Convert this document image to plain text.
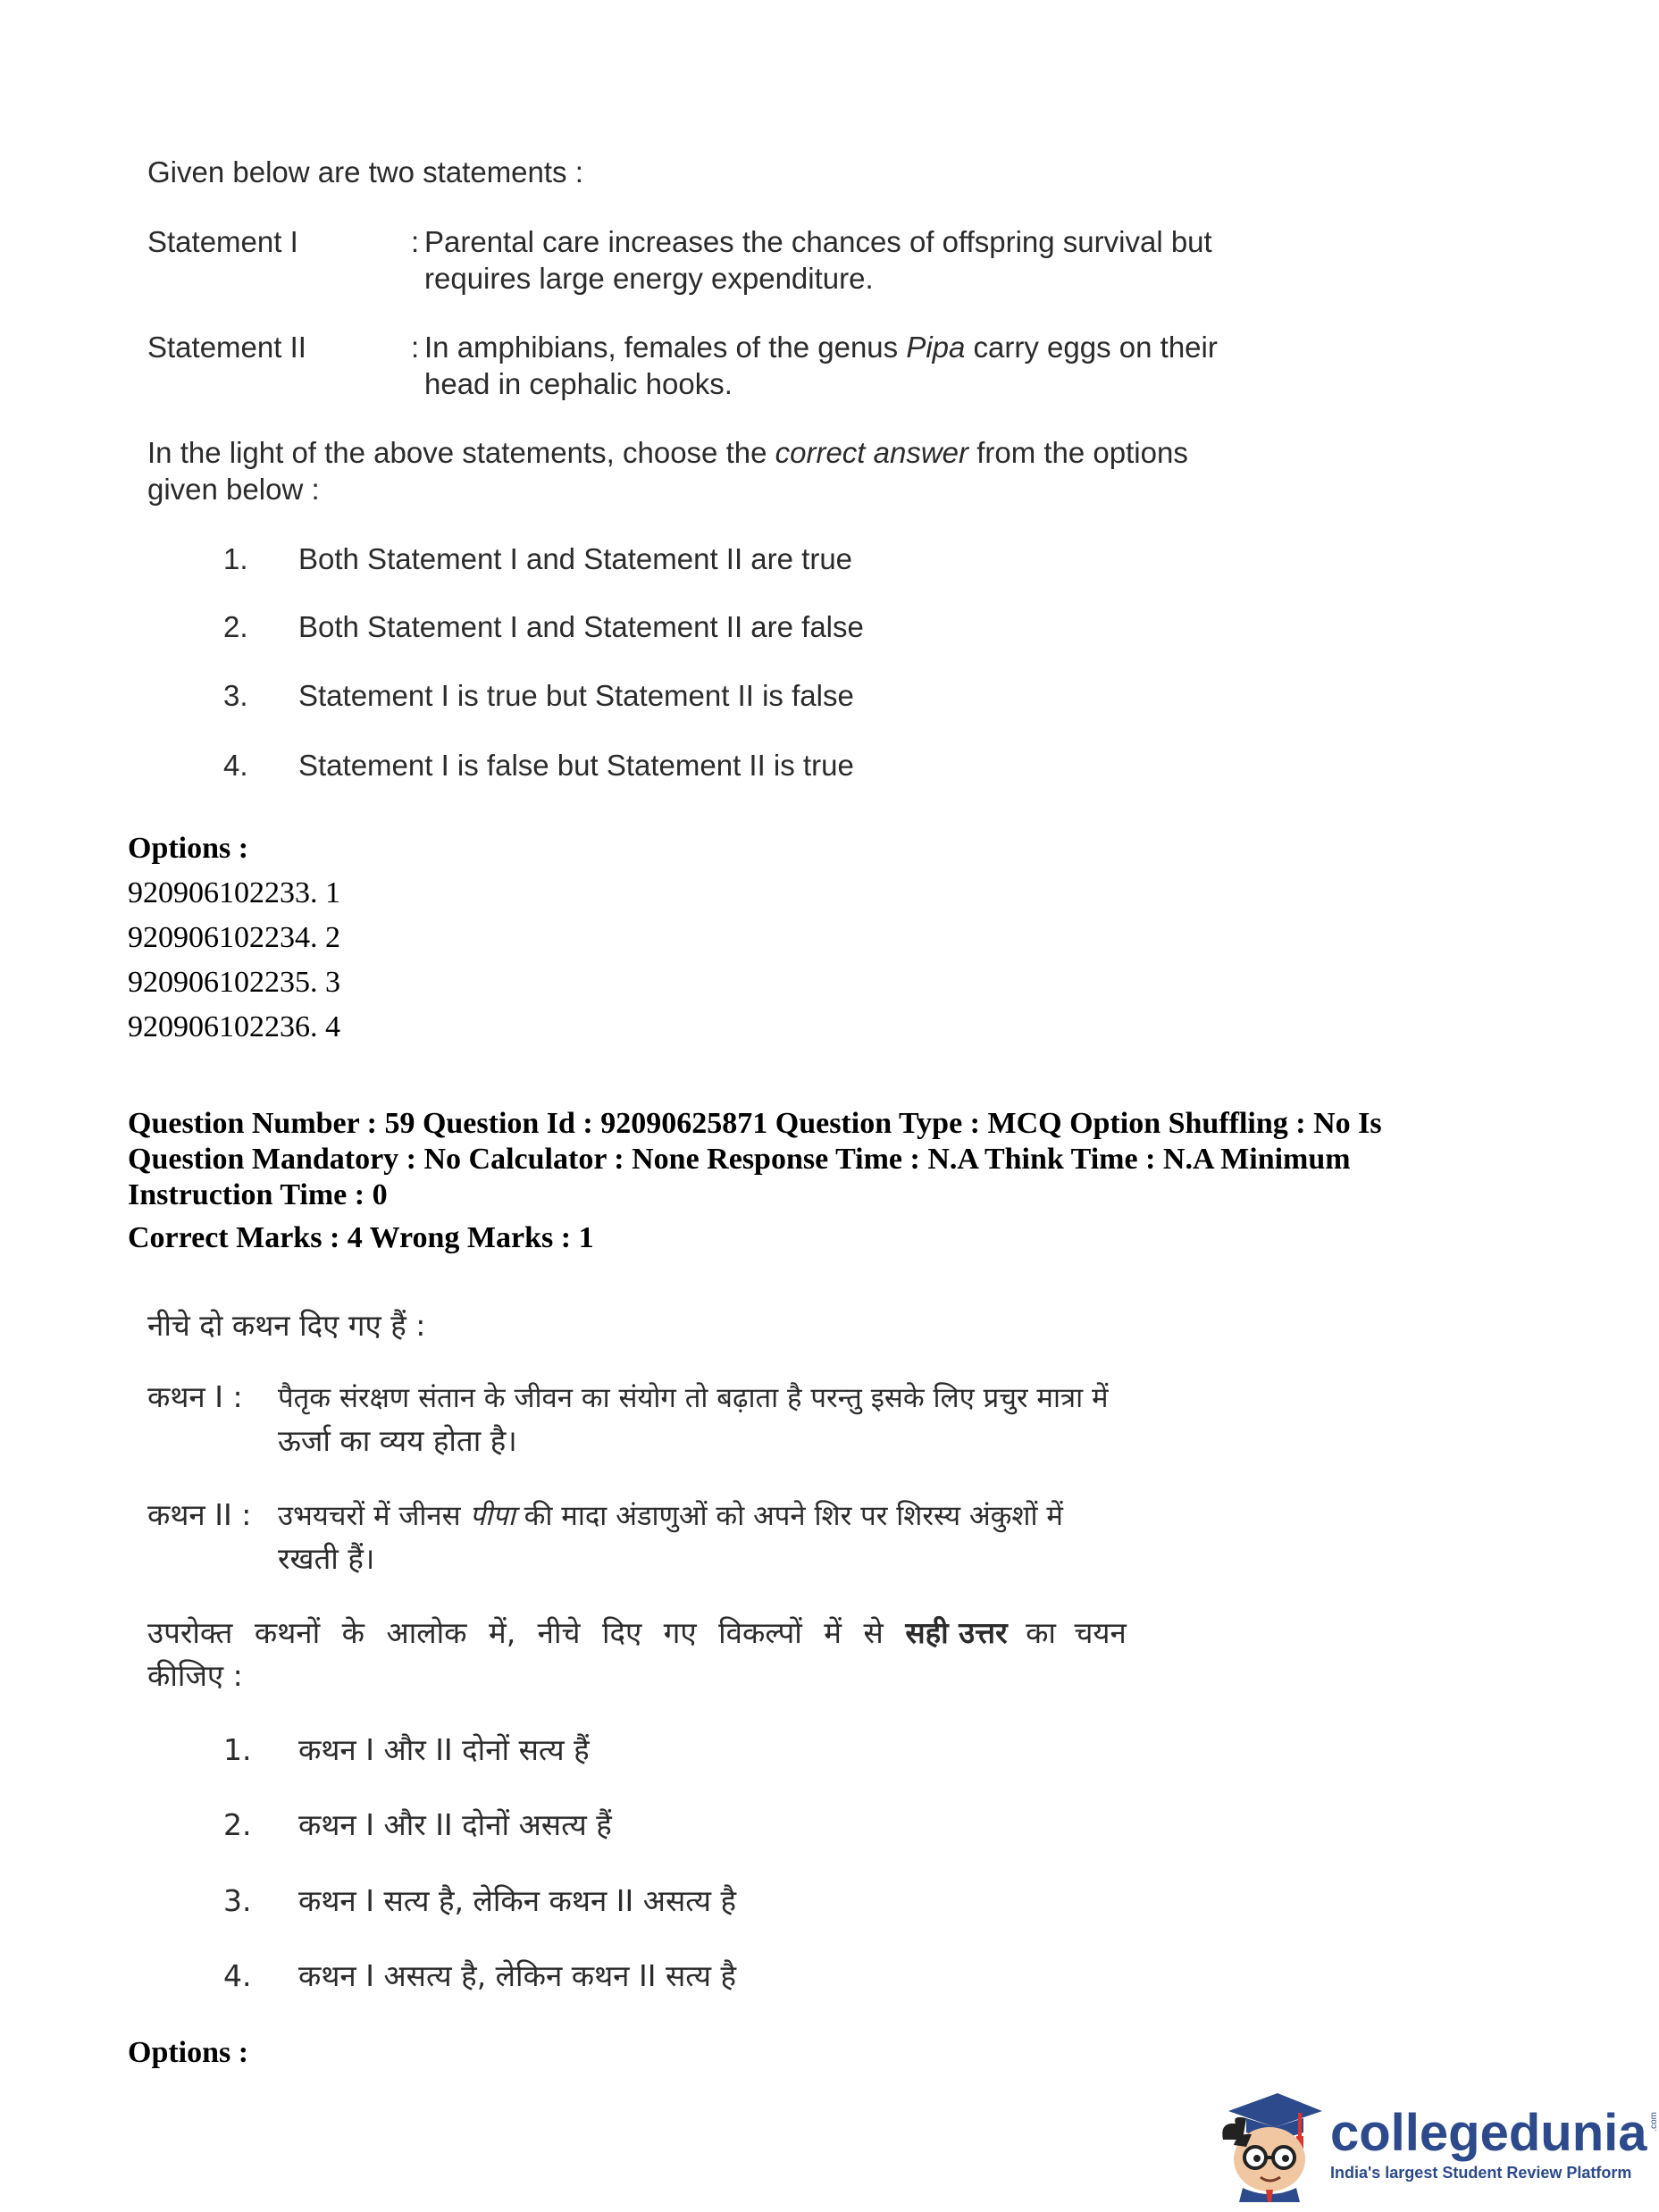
Given below are two statements :
Statement I	: Parental care increases the chances of offspring survival but
requires large energy expenditure.
Statement II	: In amphibians, females of the genus Pipa carry eggs on their
head in cephalic hooks.
In the light of the above statements, choose the correct answer from the options
given below :
1. Both Statement I and Statement II are true
2. Both Statement I and Statement II are false
3. Statement I is true but Statement II is false
4. Statement I is false but Statement II is true
Options :
920906102233. 1
920906102234. 2
920906102235. 3
920906102236. 4
Question Number : 59 Question Id : 92090625871 Question Type : MCQ Option Shuffling : No Is
Question Mandatory : No Calculator : None Response Time : N.A Think Time : N.A Minimum
Instruction Time : 0
Correct Marks : 4 Wrong Marks : 1
नीचे दो कथन दिए गए हैं :
कथन I :	पैतृक संरक्षण संतान के जीवन का संयोग तो बढ़ाता है परन्तु इसके लिए प्रचुर मात्रा में
ऊर्जा का व्यय होता है।
कथन II : उभयचरों में जीनस पीपा की मादा अंडाणुओं को अपने शिर पर शिरस्य अंकुशों में
रखती हैं।
उपरोक्त कथनों के आलोक में, नीचे दिए गए विकल्पों में से सही उत्तर का चयन
कीजिए :
1. कथन I और II दोनों सत्य हैं
2. कथन I और II दोनों असत्य हैं
3. कथन I सत्य है, लेकिन कथन II असत्य है
4. कथन I असत्य है, लेकिन कथन II सत्य है
Options :
collegedunia .com
India's largest Student Review Platform
